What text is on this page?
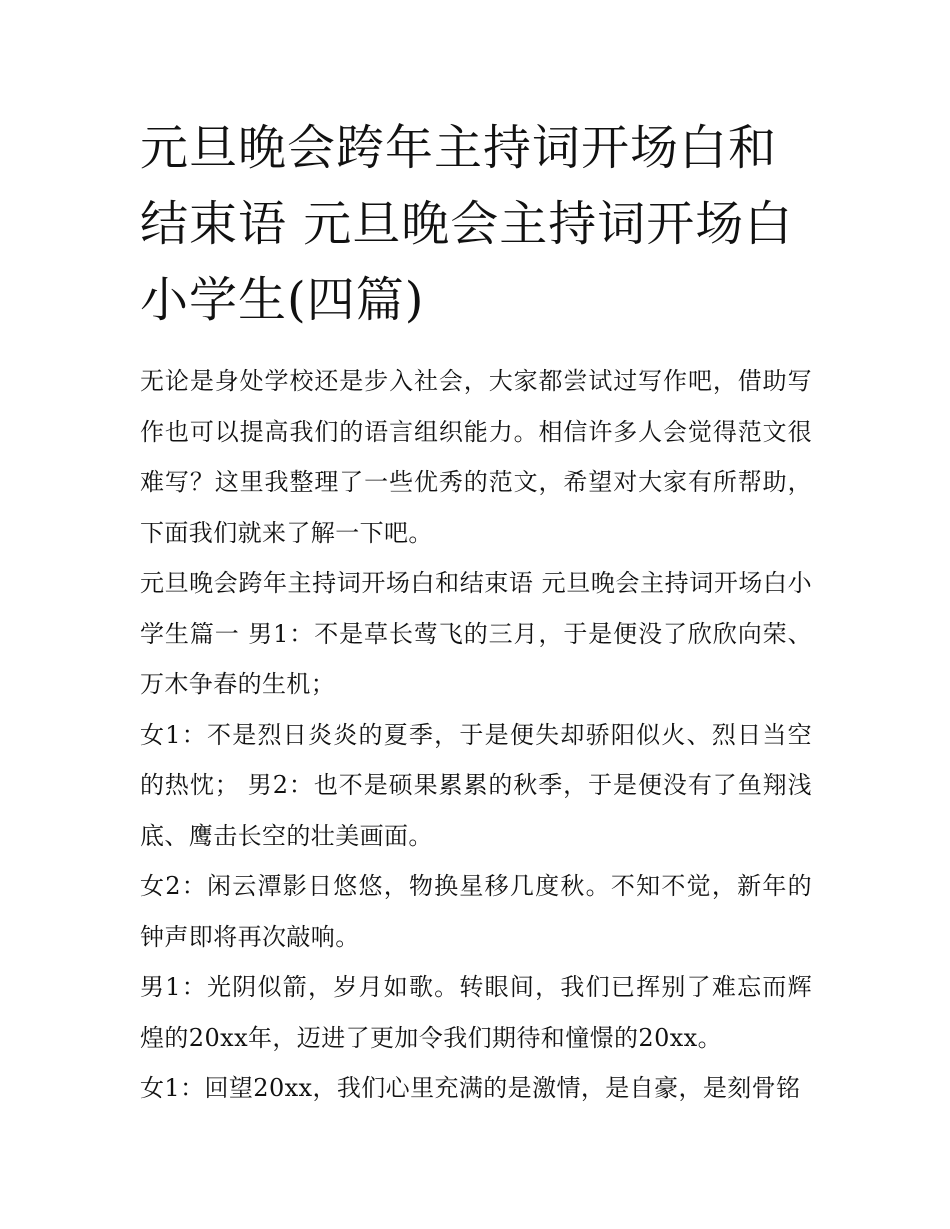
元旦晚会跨年主持词开场白和结束语 元旦晚会主持词开场白小学生(四篇)

无论是身处学校还是步入社会，大家都尝试过写作吧，借助写作也可以提高我们的语言组织能力。相信许多人会觉得范文很难写？这里我整理了一些优秀的范文，希望对大家有所帮助，下面我们就来了解一下吧。

元旦晚会跨年主持词开场白和结束语 元旦晚会主持词开场白小学生篇一 男1：不是草长莺飞的三月，于是便没了欣欣向荣、万木争春的生机；

女1：不是烈日炎炎的夏季，于是便失却骄阳似火、烈日当空的热忱； 男2：也不是硕果累累的秋季，于是便没有了鱼翔浅底、鹰击长空的壮美画面。

女2：闲云潭影日悠悠，物换星移几度秋。不知不觉，新年的钟声即将再次敲响。

男1：光阴似箭，岁月如歌。转眼间，我们已挥别了难忘而辉煌的20xx年，迈进了更加令我们期待和憧憬的20xx。

女1：回望20xx，我们心里充满的是激情，是自豪，是刻骨铭
